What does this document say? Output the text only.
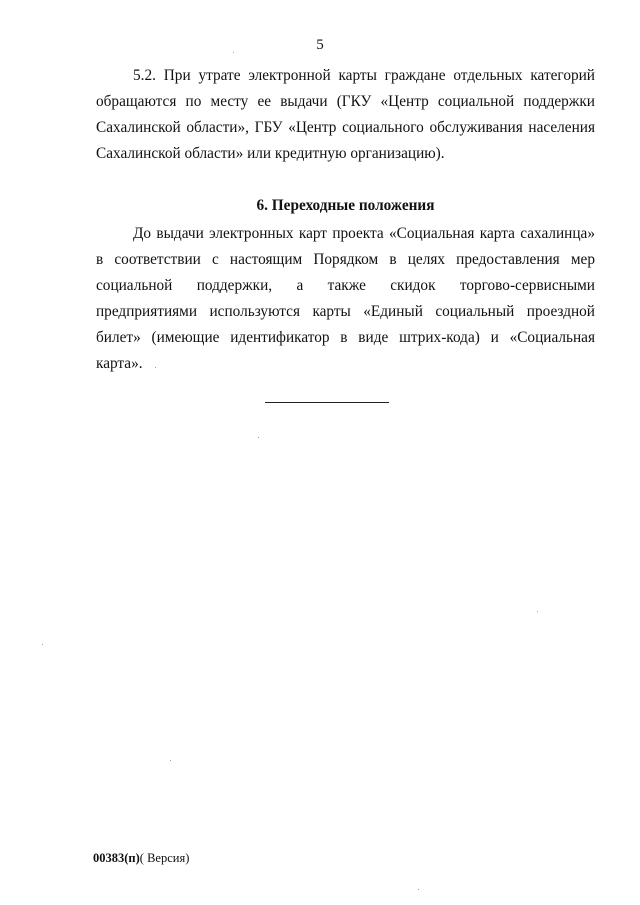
5

5.2. При утрате электронной карты граждане отдельных категорий обращаются по месту ее выдачи (ГКУ «Центр социальной поддержки Сахалинской области», ГБУ «Центр социального обслуживания населения Сахалинской области» или кредитную организацию).

6. Переходные положения

До выдачи электронных карт проекта «Социальная карта сахалинца» в соответствии с настоящим Порядком в целях предоставления мер социальной поддержки, а также скидок торгово-сервисными предприятиями используются карты «Единый социальный проездной билет» (имеющие идентификатор в виде штрих-кода) и «Социальная карта».

00383(п)( Версия)
